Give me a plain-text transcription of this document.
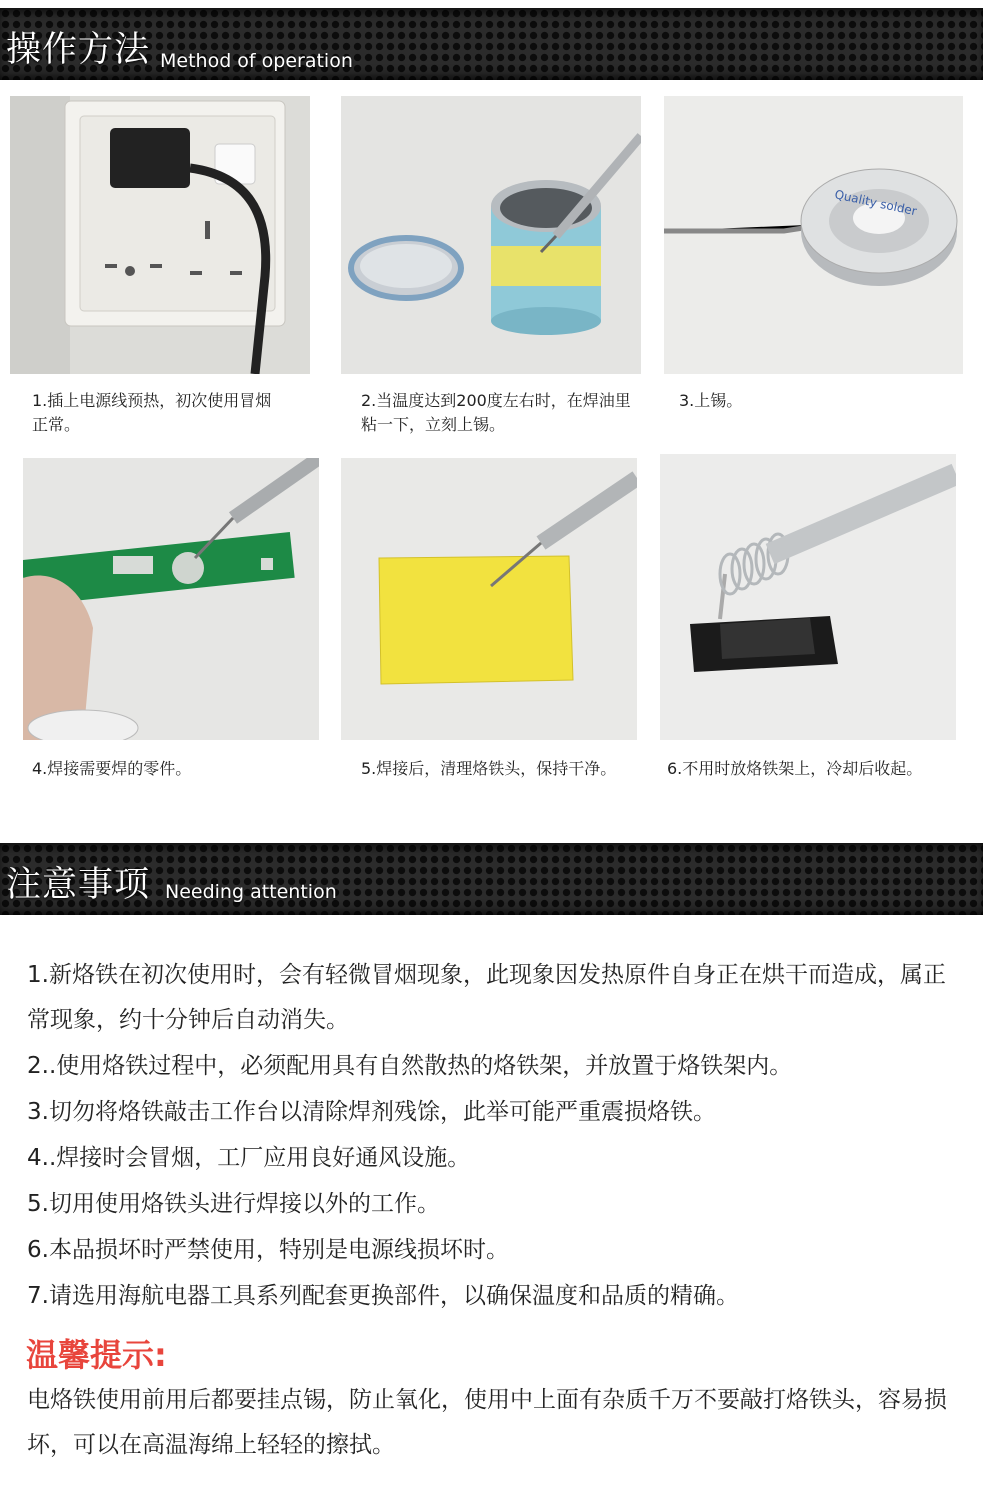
操作方法 Method of operation
Quality solder
1.插上电源线预热，初次使用冒烟正常。
2.当温度达到200度左右时，在焊油里粘一下，立刻上锡。
3.上锡。
4.焊接需要焊的零件。	5.焊接后，清理烙铁头，保持干净。	6.不用时放烙铁架上，冷却后收起。
注意事项 Needing attention
1.新烙铁在初次使用时，会有轻微冒烟现象，此现象因发热原件自身正在烘干而造成，属正常现象，约十分钟后自动消失。
2..使用烙铁过程中，必须配用具有自然散热的烙铁架，并放置于烙铁架内。
3.切勿将烙铁敲击工作台以清除焊剂残馀，此举可能严重震损烙铁。
4..焊接时会冒烟，工厂应用良好通风设施。
5.切用使用烙铁头进行焊接以外的工作。
6.本品损坏时严禁使用，特别是电源线损坏时。
7.请选用海航电器工具系列配套更换部件，以确保温度和品质的精确。
温馨提示:
电烙铁使用前用后都要挂点锡，防止氧化，使用中上面有杂质千万不要敲打烙铁头，容易损坏，可以在高温海绵上轻轻的擦拭。
